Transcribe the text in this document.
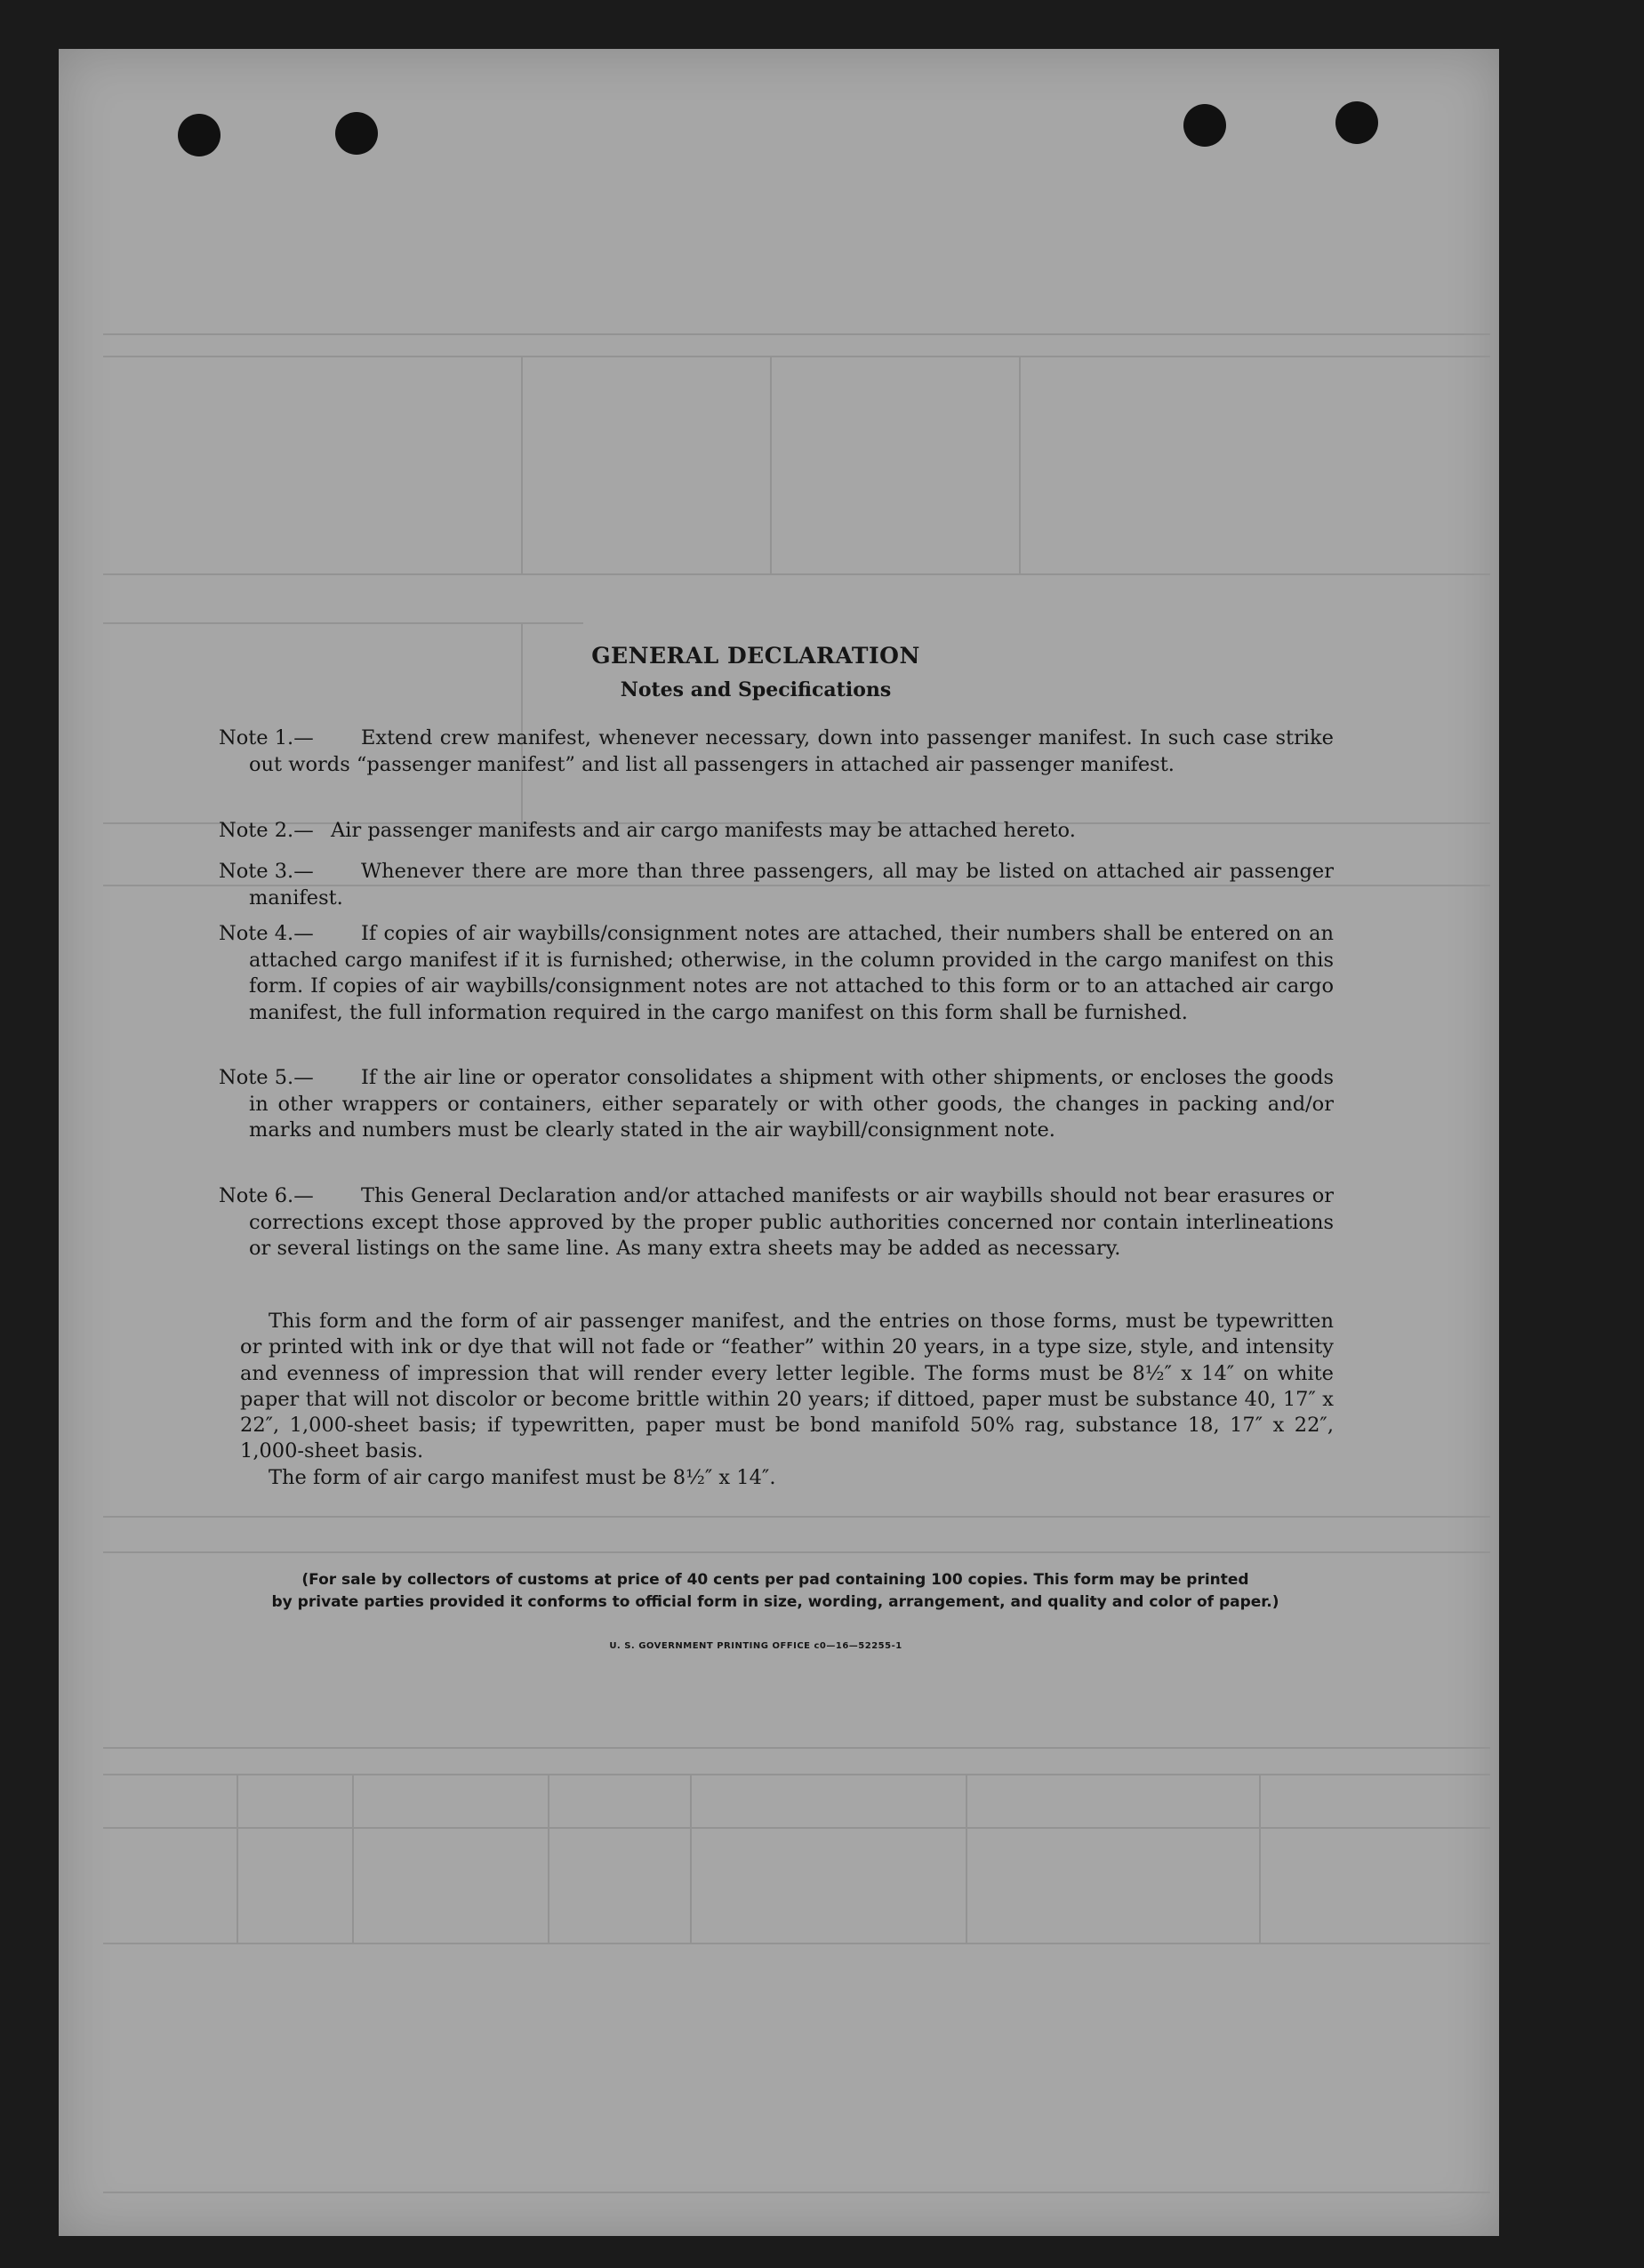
GENERAL DECLARATION
Notes and Specifications
Note 1.—	Extend crew manifest, whenever necessary, down into passenger manifest. In such case strike out words “passenger manifest” and list all passengers in attached air passenger manifest.
Note 2.— Air passenger manifests and air cargo manifests may be attached hereto.
Note 3.—	Whenever there are more than three passengers, all may be listed on attached air passenger manifest.
Note 4.—	If copies of air waybills/consignment notes are attached, their numbers shall be entered on an attached cargo manifest if it is furnished; otherwise, in the column provided in the cargo manifest on this form. If copies of air waybills/consignment notes are not attached to this form or to an attached air cargo manifest, the full information required in the cargo manifest on this form shall be furnished.
Note 5.—	If the air line or operator consolidates a shipment with other shipments, or encloses the goods in other wrappers or containers, either separately or with other goods, the changes in packing and/or marks and numbers must be clearly stated in the air waybill/consignment note.
Note 6.—	This General Declaration and/or attached manifests or air waybills should not bear erasures or corrections except those approved by the proper public authorities concerned nor contain interlineations or several listings on the same line. As many extra sheets may be added as necessary.

This form and the form of air passenger manifest, and the entries on those forms, must be typewritten or printed with ink or dye that will not fade or “feather” within 20 years, in a type size, style, and intensity and evenness of impression that will render every letter legible. The forms must be 8½″ x 14″ on white paper that will not discolor or become brittle within 20 years; if dittoed, paper must be substance 40, 17″ x 22″, 1,000-sheet basis; if typewritten, paper must be bond manifold 50% rag, substance 18, 17″ x 22″, 1,000-sheet basis.

The form of air cargo manifest must be 8½″ x 14″.

(For sale by collectors of customs at price of 40 cents per pad containing 100 copies. This form may be printed
by private parties provided it conforms to official form in size, wording, arrangement, and quality and color of paper.)
U. S. GOVERNMENT PRINTING OFFICE c0—16—52255-1
